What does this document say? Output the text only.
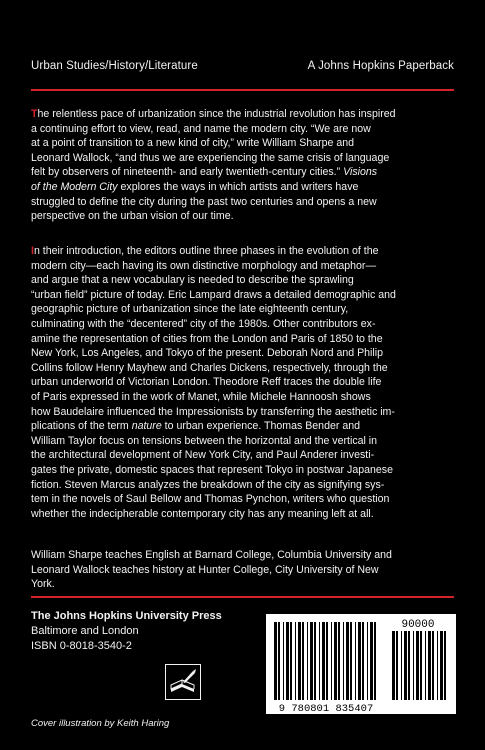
Urban Studies/History/Literature	A Johns Hopkins Paperback

The relentless pace of urbanization since the industrial revolution has inspired
a continuing effort to view, read, and name the modern city. “We are now
at a point of transition to a new kind of city,” write William Sharpe and
Leonard Wallock, “and thus we are experiencing the same crisis of language
felt by observers of nineteenth- and early twentieth-century cities.” Visions
of the Modern City explores the ways in which artists and writers have
struggled to define the city during the past two centuries and opens a new
perspective on the urban vision of our time.

In their introduction, the editors outline three phases in the evolution of the
modern city—each having its own distinctive morphology and metaphor—
and argue that a new vocabulary is needed to describe the sprawling
“urban field” picture of today. Eric Lampard draws a detailed demographic and
geographic picture of urbanization since the late eighteenth century,
culminating with the “decentered” city of the 1980s. Other contributors ex-
amine the representation of cities from the London and Paris of 1850 to the
New York, Los Angeles, and Tokyo of the present. Deborah Nord and Philip
Collins follow Henry Mayhew and Charles Dickens, respectively, through the
urban underworld of Victorian London. Theodore Reff traces the double life
of Paris expressed in the work of Manet, while Michele Hannoosh shows
how Baudelaire influenced the Impressionists by transferring the aesthetic im-
plications of the term nature to urban experience. Thomas Bender and
William Taylor focus on tensions between the horizontal and the vertical in
the architectural development of New York City, and Paul Anderer investi-
gates the private, domestic spaces that represent Tokyo in postwar Japanese
fiction. Steven Marcus analyzes the breakdown of the city as signifying sys-
tem in the novels of Saul Bellow and Thomas Pynchon, writers who question
whether the indecipherable contemporary city has any meaning left at all.

William Sharpe teaches English at Barnard College, Columbia University and
Leonard Wallock teaches history at Hunter College, City University of New
York.

The Johns Hopkins University Press
Baltimore and London
ISBN 0-8018-3540-2
90000
9 780801 835407
Cover illustration by Keith Haring
